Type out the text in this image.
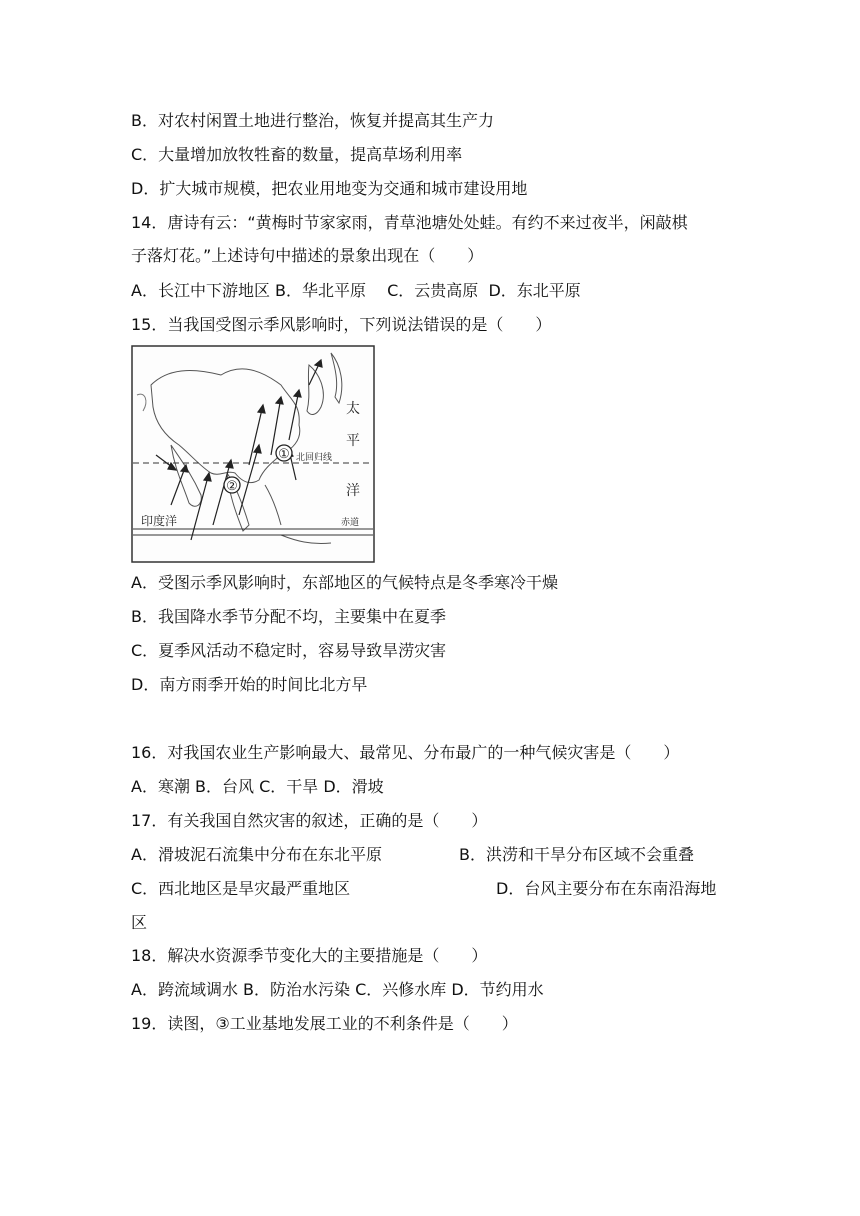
B．对农村闲置土地进行整治，恢复并提高其生产力
C．大量增加放牧牲畜的数量，提高草场利用率
D．扩大城市规模，把农业用地变为交通和城市建设用地
14．唐诗有云：“黄梅时节家家雨，青草池塘处处蛙。有约不来过夜半，闲敲棋
子落灯花。”上述诗句中描述的景象出现在（　　）
A．长江中下游地区 B．华北平原　 C．云贵高原  D．东北平原
15．当我国受图示季风影响时，下列说法错误的是（　　）
①
②
太
平
洋
北回归线
印度洋	赤道
A．受图示季风影响时，东部地区的气候特点是冬季寒冷干燥
B．我国降水季节分配不均，主要集中在夏季
C．夏季风活动不稳定时，容易导致旱涝灾害
D．南方雨季开始的时间比北方早
16．对我国农业生产影响最大、最常见、分布最广的一种气候灾害是（　　）
A．寒潮 B．台风 C．干旱 D．滑坡
17．有关我国自然灾害的叙述，正确的是（　　）
A．滑坡泥石流集中分布在东北平原	B．洪涝和干旱分布区域不会重叠
C．西北地区是旱灾最严重地区	D．台风主要分布在东南沿海地
区
18．解决水资源季节变化大的主要措施是（　　）
A．跨流域调水 B．防治水污染 C．兴修水库 D．节约用水
19．读图，③工业基地发展工业的不利条件是（　　）
